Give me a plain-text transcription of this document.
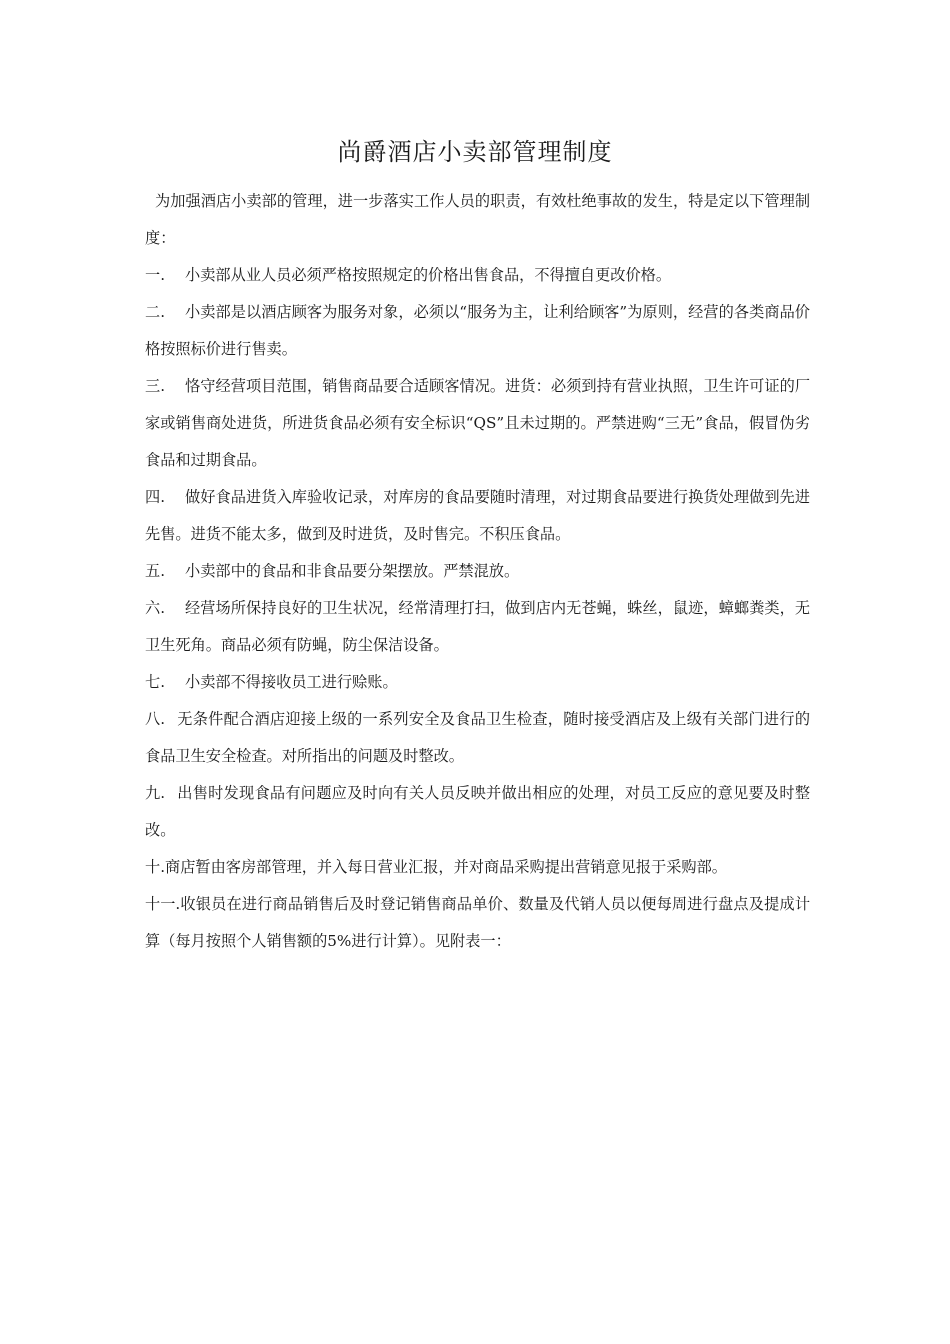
尚爵酒店小卖部管理制度

为加强酒店小卖部的管理，进一步落实工作人员的职责，有效杜绝事故的发生，特是定以下管理制度：

一. 小卖部从业人员必须严格按照规定的价格出售食品，不得擅自更改价格。

二. 小卖部是以酒店顾客为服务对象，必须以“服务为主，让利给顾客”为原则，经营的各类商品价格按照标价进行售卖。

三. 恪守经营项目范围，销售商品要合适顾客情况。进货：必须到持有营业执照，卫生许可证的厂家或销售商处进货，所进货食品必须有安全标识“QS”且未过期的。严禁进购“三无”食品，假冒伪劣食品和过期食品。

四. 做好食品进货入库验收记录，对库房的食品要随时清理，对过期食品要进行换货处理做到先进先售。进货不能太多，做到及时进货，及时售完。不积压食品。

五. 小卖部中的食品和非食品要分架摆放。严禁混放。

六. 经营场所保持良好的卫生状况，经常清理打扫，做到店内无苍蝇，蛛丝，鼠迹，蟑螂粪类，无卫生死角。商品必须有防蝇，防尘保洁设备。

七. 小卖部不得接收员工进行赊账。

八. 无条件配合酒店迎接上级的一系列安全及食品卫生检查，随时接受酒店及上级有关部门进行的食品卫生安全检查。对所指出的问题及时整改。

九. 出售时发现食品有问题应及时向有关人员反映并做出相应的处理，对员工反应的意见要及时整改。

十.商店暂由客房部管理，并入每日营业汇报，并对商品采购提出营销意见报于采购部。

十一.收银员在进行商品销售后及时登记销售商品单价、数量及代销人员以便每周进行盘点及提成计算（每月按照个人销售额的5%进行计算）。见附表一：
